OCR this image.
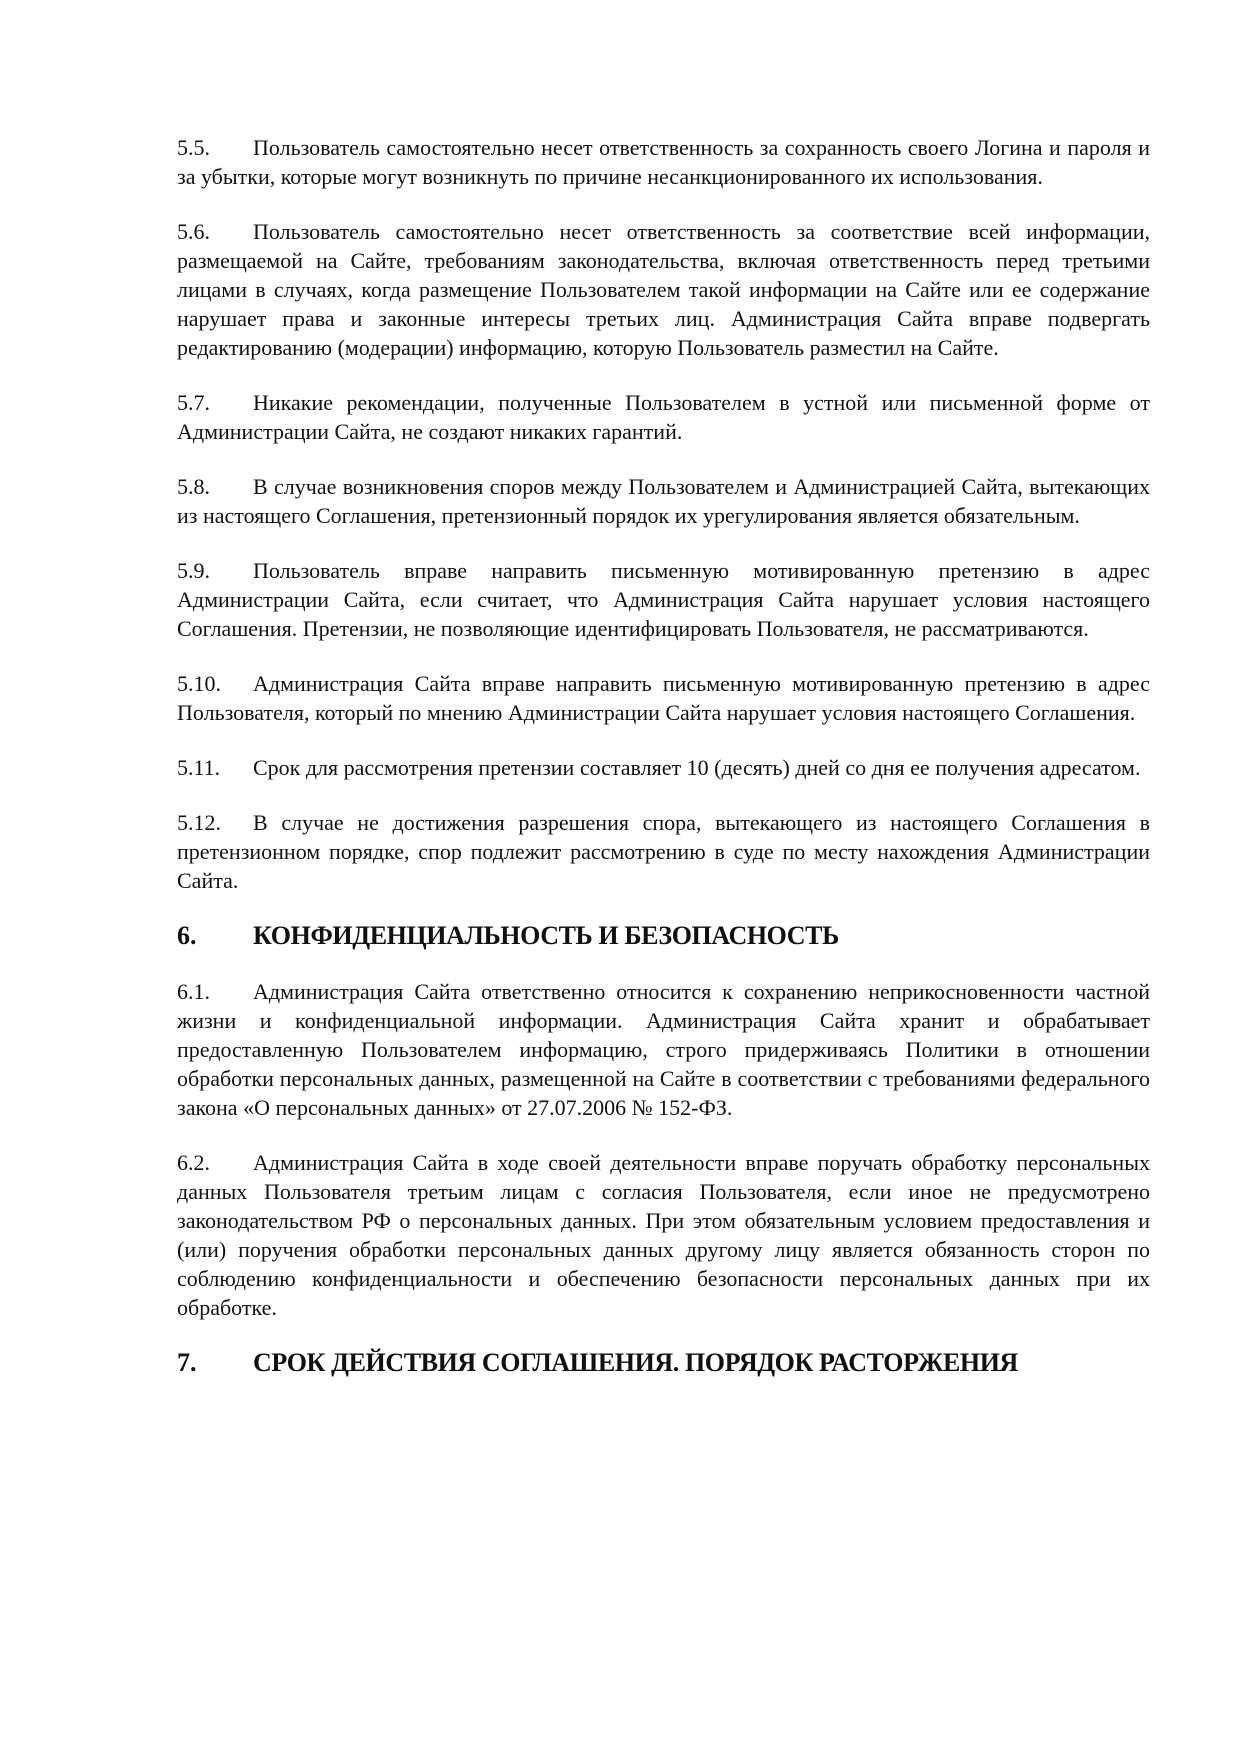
5.5. Пользователь самостоятельно несет ответственность за сохранность своего Логина и пароля и за убытки, которые могут возникнуть по причине несанкционированного их использования.
5.6. Пользователь самостоятельно несет ответственность за соответствие всей информации, размещаемой на Сайте, требованиям законодательства, включая ответственность перед третьими лицами в случаях, когда размещение Пользователем такой информации на Сайте или ее содержание нарушает права и законные интересы третьих лиц. Администрация Сайта вправе подвергать редактированию (модерации) информацию, которую Пользователь разместил на Сайте.
5.7. Никакие рекомендации, полученные Пользователем в устной или письменной форме от Администрации Сайта, не создают никаких гарантий.
5.8. В случае возникновения споров между Пользователем и Администрацией Сайта, вытекающих из настоящего Соглашения, претензионный порядок их урегулирования является обязательным.
5.9. Пользователь вправе направить письменную мотивированную претензию в адрес Администрации Сайта, если считает, что Администрация Сайта нарушает условия настоящего Соглашения. Претензии, не позволяющие идентифицировать Пользователя, не рассматриваются.
5.10. Администрация Сайта вправе направить письменную мотивированную претензию в адрес Пользователя, который по мнению Администрации Сайта нарушает условия настоящего Соглашения.
5.11. Срок для рассмотрения претензии составляет 10 (десять) дней со дня ее получения адресатом.
5.12. В случае не достижения разрешения спора, вытекающего из настоящего Соглашения в претензионном порядке, спор подлежит рассмотрению в суде по месту нахождения Администрации Сайта.
6. КОНФИДЕНЦИАЛЬНОСТЬ И БЕЗОПАСНОСТЬ
6.1. Администрация Сайта ответственно относится к сохранению неприкосновенности частной жизни и конфиденциальной информации. Администрация Сайта хранит и обрабатывает предоставленную Пользователем информацию, строго придерживаясь Политики в отношении обработки персональных данных, размещенной на Сайте в соответствии с требованиями федерального закона «О персональных данных» от 27.07.2006 № 152-ФЗ.
6.2. Администрация Сайта в ходе своей деятельности вправе поручать обработку персональных данных Пользователя третьим лицам с согласия Пользователя, если иное не предусмотрено законодательством РФ о персональных данных. При этом обязательным условием предоставления и (или) поручения обработки персональных данных другому лицу является обязанность сторон по соблюдению конфиденциальности и обеспечению безопасности персональных данных при их обработке.
7. СРОК ДЕЙСТВИЯ СОГЛАШЕНИЯ. ПОРЯДОК РАСТОРЖЕНИЯ
